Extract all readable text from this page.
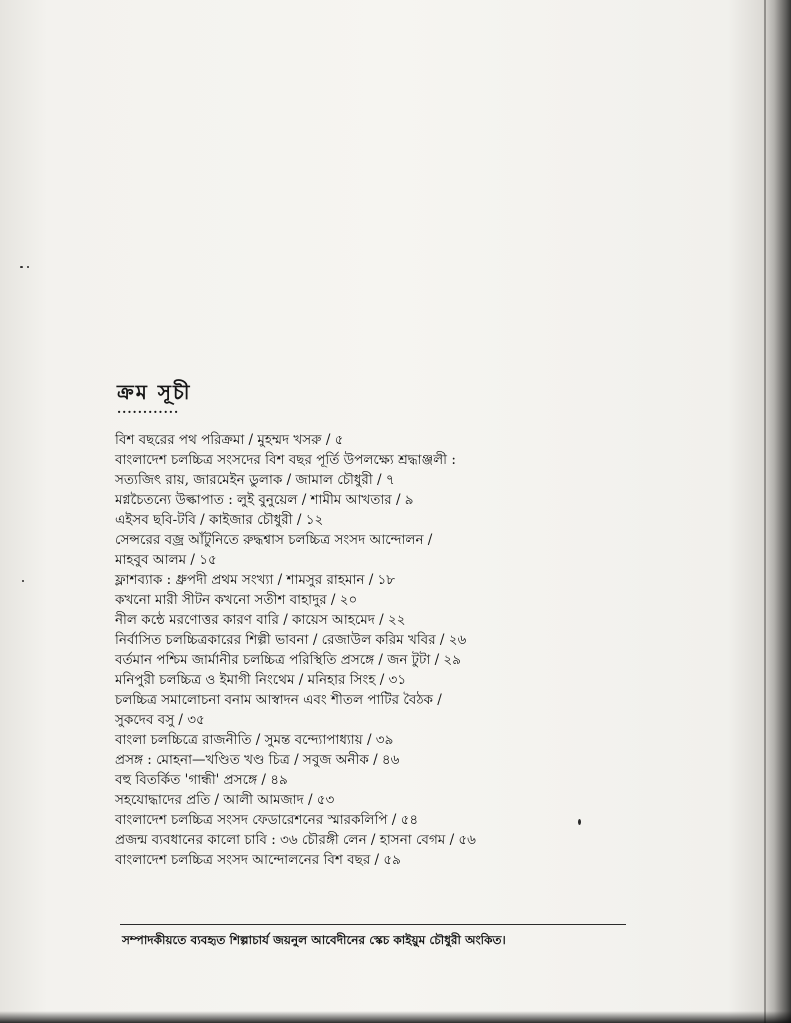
ক্রম সূচী
............
বিশ বছরের পথ পরিক্রমা / মুহম্মদ খসরু / ৫
বাংলাদেশ চলচ্চিত্র সংসদের বিশ বছর পূর্তি উপলক্ষ্যে শ্রদ্ধাঞ্জলী :
সত্যজিৎ রায়, জারমেইন ডুলাক / জামাল চৌধুরী / ৭
মগ্নচৈতন্যে উল্কাপাত : লুই বুনুয়েল / শামীম আখতার / ৯
এইসব ছবি-টবি / কাইজার চৌধুরী / ১২
সেন্সরের বজ্র আঁটুনিতে রুদ্ধশ্বাস চলচ্চিত্র সংসদ আন্দোলন /
মাহবুব আলম / ১৫
ফ্লাশব্যাক : ধ্রুপদী প্রথম সংখ্যা / শামসুর রাহমান / ১৮
কখনো মারী সীটন কখনো সতীশ বাহাদুর / ২০
নীল কন্ঠে মরণোত্তর কারণ বারি / কায়েস আহমেদ / ২২
নির্বাসিত চলচ্চিত্রকারের শিল্পী ভাবনা / রেজাউল করিম খবির / ২৬
বর্তমান পশ্চিম জার্মানীর চলচ্চিত্র পরিস্থিতি প্রসঙ্গে / জন টুটা / ২৯
মনিপুরী চলচ্চিত্র ও ইমাগী নিংথেম / মনিহার সিংহ / ৩১
চলচ্চিত্র সমালোচনা বনাম আস্বাদন এবং শীতল পাটির বৈঠক /
সুকদেব বসু / ৩৫
বাংলা চলচ্চিত্রে রাজনীতি / সুমন্ত বন্দ্যোপাধ্যায় / ৩৯
প্রসঙ্গ : মোহনা—খণ্ডিত খণ্ড চিত্র / সবুজ অনীক / ৪৬
বহু বিতর্কিত 'গান্ধী' প্রসঙ্গে / ৪৯
সহযোদ্ধাদের প্রতি / আলী আমজাদ / ৫৩
বাংলাদেশ চলচ্চিত্র সংসদ ফেডারেশনের স্মারকলিপি / ৫৪
প্রজন্ম ব্যবধানের কালো চাবি : ৩৬ চৌরঙ্গী লেন / হাসনা বেগম / ৫৬
বাংলাদেশ চলচ্চিত্র সংসদ আন্দোলনের বিশ বছর / ৫৯
সম্পাদকীয়তে ব্যবহৃত শিল্পাচার্য জয়নুল আবেদীনের স্কেচ কাইয়ুম চৌধুরী অংকিত।
